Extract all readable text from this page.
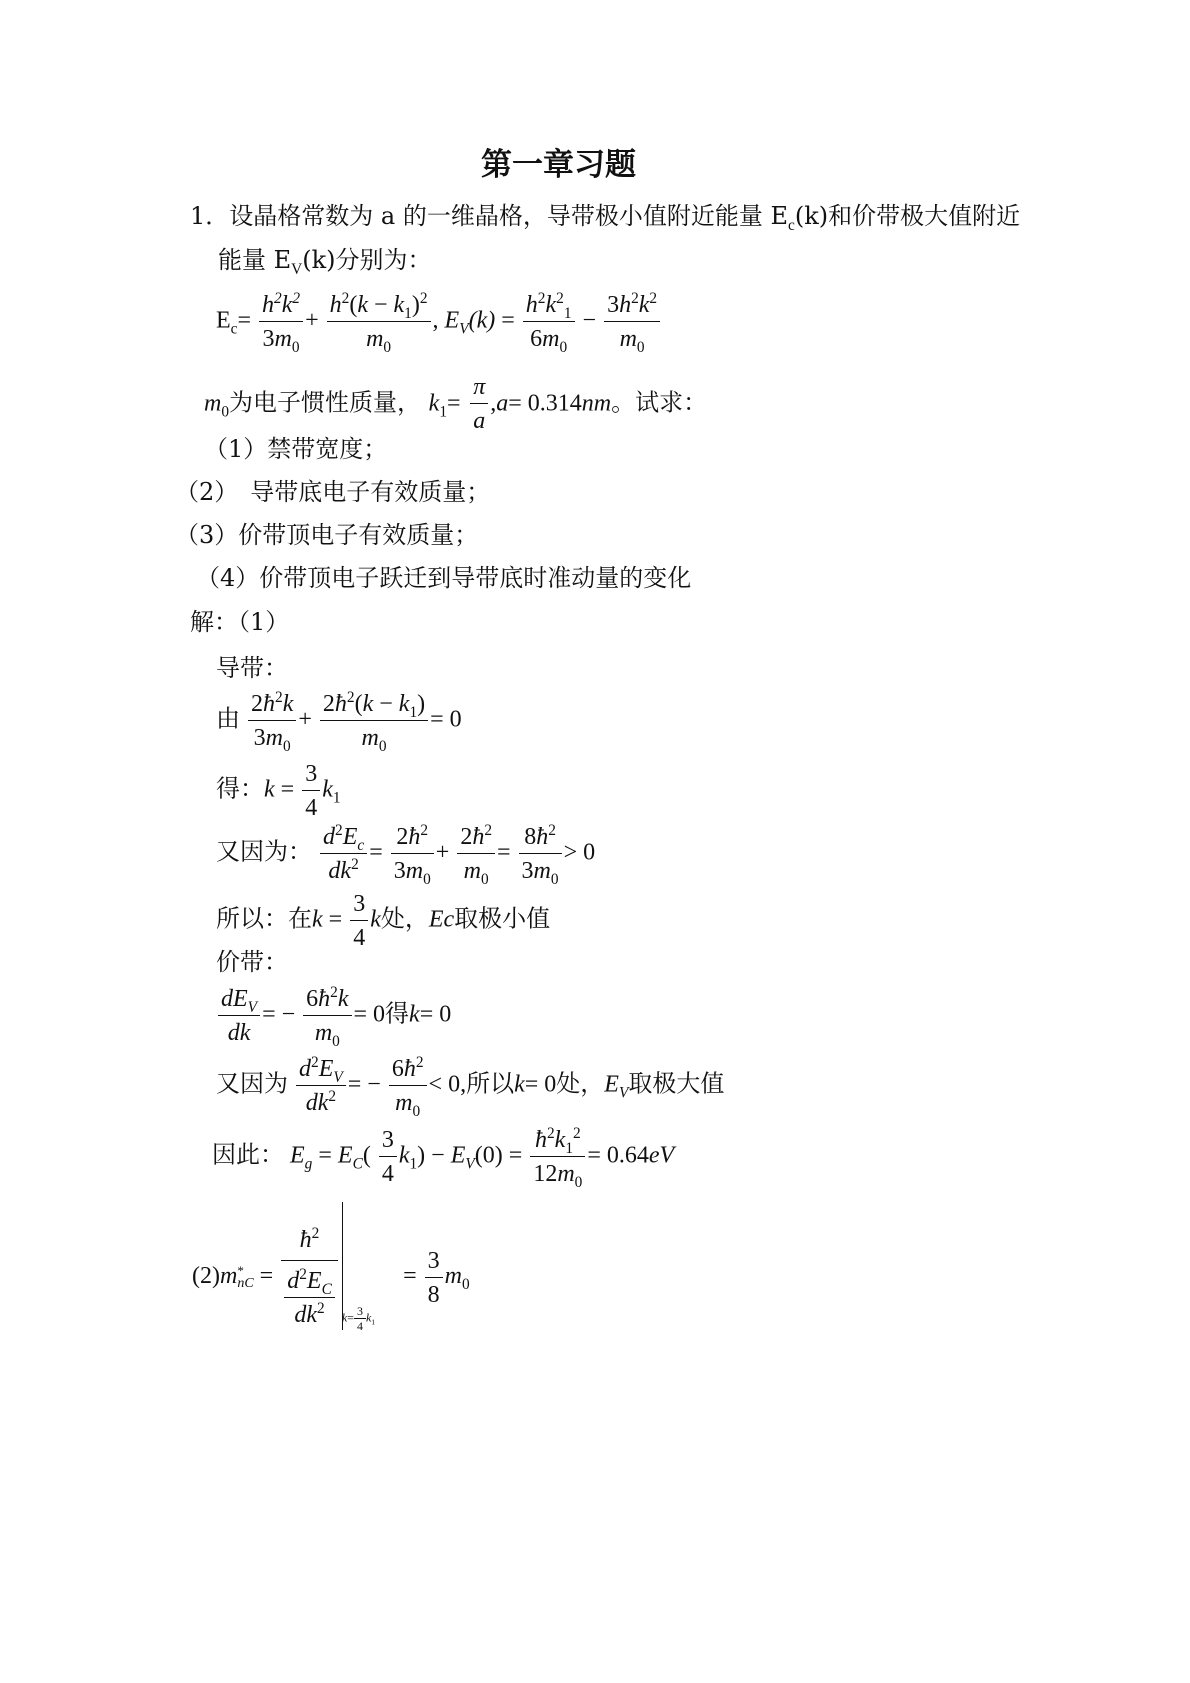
第一章习题
1．设晶格常数为 a 的一维晶格，导带极小值附近能量 $E_c(k)$和价带极大值附近
能量 $E_V(k)$分别为：
$E_c= \frac{h^2k^2}{3m_0} + \frac{h^2(k - k_1)^2}{m_0}$ , $E_V(k) = \frac{h^2k^2_1}{6m_0} - \frac{3h^2k^2}{m_0}$
$m_0$为电子惯性质量， $k_1= \frac{\pi}{a} ,a= 0.314nm$。试求：
（1）禁带宽度；
（2）　导带底电子有效质量；
（3）价带顶电子有效质量；
（4）价带顶电子跃迁到导带底时准动量的变化
解：（1）
导带：
由 $\frac{2ħ^2k}{3m_0} + \frac{2ħ^2(k - k_1)}{m_0} = 0$
得：$k = \frac{3}{4} k_1$
又因为： $\frac{d^2E_c}{dk^2} = \frac{2ħ^2}{3m_0} + \frac{2ħ^2}{m_0} = \frac{8ħ^2}{3m_0} > 0$
所以：在$k = \frac{3}{4}$ k处，Ec取极小值
价带：
$\frac{dE_V}{dk}$ = − $\frac{6ħ^2k}{m_0} = 0$得k= 0
又因为 $\frac{d^2E_V}{dk^2}$ = − $\frac{6ħ^2}{m_0} < 0$,所以k= 0处，$E_V$取极大值
因此： $E_g = E_C( \frac{3}{4} k_1) - E_V(0) = \frac{ħ^2k_1^2}{12m_0} = 0.64eV$
(2)m *
nC = $\frac{ħ^2}{\frac{d^2E_C}{dk^2}} k= \frac{3}{4} k_1 = \frac{3}{8} m_0$
